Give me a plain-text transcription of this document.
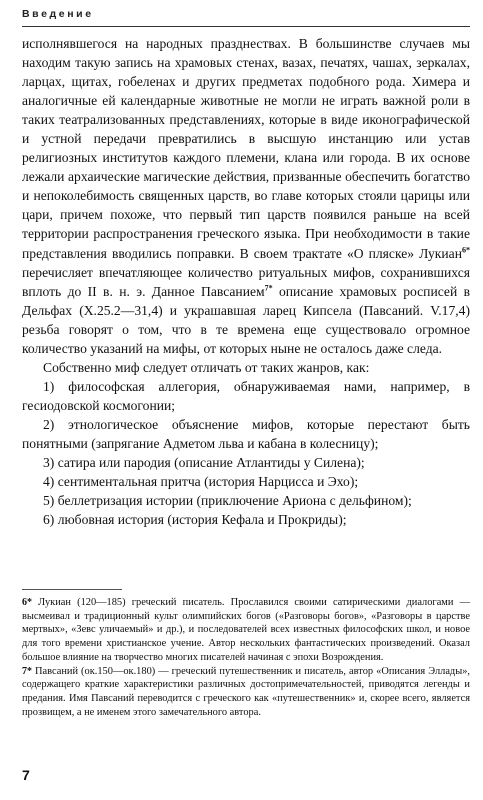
Введение

исполнявшегося на народных празднествах. В большинстве случаев мы находим такую запись на храмовых стенах, вазах, печатях, чашах, зеркалах, ларцах, щитах, гобеленах и других предметах подобного рода. Химера и аналогичные ей календарные животные не могли не играть важной роли в таких театрализованных представлениях, которые в виде иконографической и устной передачи превратились в высшую инстанцию или устав религиозных институтов каждого племени, клана или города. В их основе лежали архаические магические действия, призванные обеспечить богатство и непоколебимость священных царств, во главе которых стояли царицы или цари, причем похоже, что первый тип царств появился раньше на всей территории распространения греческого языка. При необходимости в такие представления вводились поправки. В своем трактате «О пляске» Лукиан$^{6*}$ перечисляет впечатляющее количество ритуальных мифов, сохранившихся вплоть до II в. н. э. Данное Павсанием$^{7*}$ описание храмовых росписей в Дельфах (X.25.2—31,4) и украшавшая ларец Кипсела (Павсаний. V.17,4) резьба говорят о том, что в те времена еще существовало огромное количество указаний на мифы, от которых ныне не осталось даже следа.

Собственно миф следует отличать от таких жанров, как:

1) философская аллегория, обнаруживаемая нами, например, в гесиодовской космогонии;

2) этнологическое объяснение мифов, которые перестают быть понятными (запрягание Адметом льва и кабана в колесницу);

3) сатира или пародия (описание Атлантиды у Силена);

4) сентиментальная притча (история Нарцисса и Эхо);

5) беллетризация истории (приключение Ариона с дельфином);

6) любовная история (история Кефала и Прокриды);

6* Лукиан (120—185) греческий писатель. Прославился своими сатирическими диалогами — высмеивал и традиционный культ олимпийских богов («Разговоры богов», «Разговоры в царстве мертвых», «Зевс уличаемый» и др.), и последователей всех известных философских школ, и новое для того времени христианское учение. Автор нескольких фантастических произведений. Оказал большое влияние на творчество многих писателей начиная с эпохи Возрождения.

7* Павсаний (ок.150—ок.180) — греческий путешественник и писатель, автор «Описания Эллады», содержащего краткие характеристики различных достопримечательностей, приводятся легенды и предания. Имя Павсаний переводится с греческого как «путешественник» и, скорее всего, является прозвищем, а не именем этого замечательного автора.

7
